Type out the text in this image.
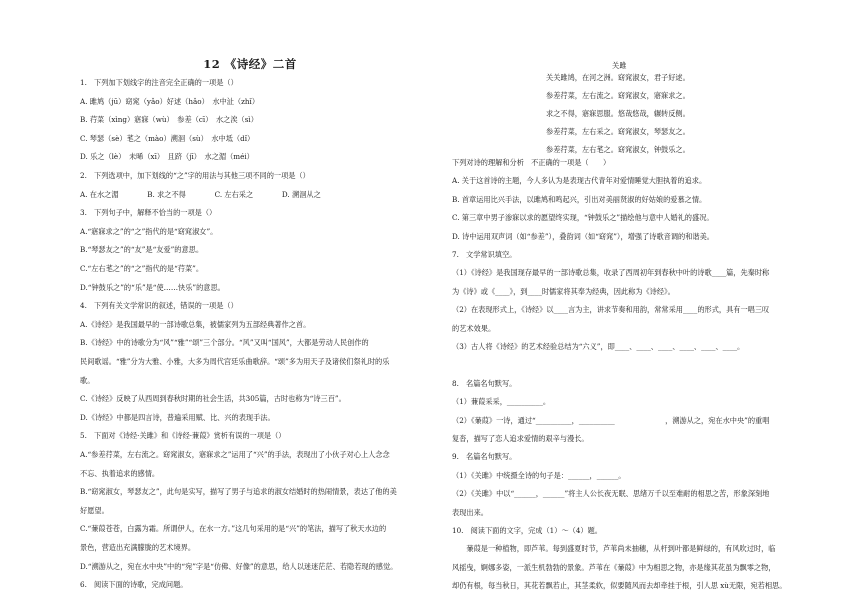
12 《诗经》二首
1.　下列加下划线字的注音完全正确的一项是（）
A. 雎鸠（jū）窈窕（yǎo）好逑（hǎo）　水中沚（zhǐ）
B. 荇菜（xìng）寤寐（wù）　参差（cī）　水之涘（sì）
C. 琴瑟（sè）芼之（mào）溯洄（sù）　水中坻（dǐ）
D. 乐之（lè）　未晞（xī）　且跻（jī）　水之湄（méi）
2.　下列选项中，加下划线的“之”字的用法与其他三项不同的一项是（）
A. 在水之湄　　　　B. 求之不得　　　　C. 左右采之　　　　D. 溯洄从之
3.　下列句子中，解释不恰当的一项是（）
A.“寤寐求之”的“之”指代的是“窈窕淑女”。
B.“琴瑟友之”的“友”是“友爱”的意思。
C.“左右芼之”的“之”指代的是“荇菜”。
D.“钟鼓乐之”的“乐”是“使……快乐”的意思。
4.　下列有关文学常识的叙述，错误的一项是（）
A.《诗经》是我国最早的一部诗歌总集，被儒家列为五部经典著作之首。
B.《诗经》中的诗歌分为“风”“雅”“颂”三个部分。“风”又叫“国风”，大都是劳动人民创作的
民间歌谣。“雅”分为大雅、小雅，大多为周代宫廷乐曲歌辞。“颂”多为用天子及诸侯们祭礼时的乐
歌。
C.《诗经》反映了从西周到春秋时期的社会生活，共305篇，古时也称为“诗三百”。
D.《诗经》中都是四言诗，普遍采用赋、比、兴的表现手法。
5.　下面对《诗经·关雎》和《诗经·蒹葭》赏析有误的一项是（）
A.“参差荇菜，左右流之。窈窕淑女，寤寐求之”运用了“兴”的手法，表现出了小伙子对心上人念念
不忘、执着追求的感情。
B.“窈窕淑女，琴瑟友之”，此句是实写，描写了男子与追求的淑女结婚时的热闹情景，表达了他的美
好愿望。
C.“蒹葭苍苍，白露为霜。所谓伊人，在水一方。”这几句采用的是“兴”的笔法，描写了秋天水边的
景色，营造出充满朦胧的艺术境界。
D.“溯游从之，宛在水中央”中的“宛”字是“仿佛、好像”的意思，给人以迷迷茫茫、若隐若现的感觉。
6.　阅读下面的诗歌，完成问题。
关雎
关关雎鸠，在河之洲。窈窕淑女，君子好逑。
参差荇菜，左右流之。窈窕淑女，寤寐求之。
求之不得，寤寐思服。悠哉悠哉，辗转反侧。
参差荇菜，左右采之。窈窕淑女，琴瑟友之。
参差荇菜，左右芼之。窈窕淑女，钟鼓乐之。
下列对诗的理解和分析　不正确的一项是（　　）
A. 关于这首诗的主题，今人多认为是表现古代青年对爱情睡觉大胆执着的追求。
B. 首章运用比兴手法，以雎鸠和鸣起兴，引出对美丽贤淑的好姑娘的爱慕之情。
C. 第三章中男子渗寐以求的愿望终实现，“钟鼓乐之”描绘他与意中人婚礼的盛况。
D. 诗中运用双声词（如“参差”），叠韵词（如“窈窕”），增强了诗歌音调的和谐美。
7.　文学常识填空。
（1）《诗经》是我国现存最早的一部诗歌总集，收录了西周初年到春秋中叶的诗歌____篇，先秦时称
为《诗》或《____》，到____时儒家将其奉为经典，因此称为《诗经》。
（2）在表现形式上，《诗经》以____言为主，讲求节奏和用韵，常常采用____的形式，具有一唱三叹
的艺术效果。
（3）古人将《诗经》的艺术经验总结为“六义”，即____、____、____、____、____、____。
8.　名篇名句默写。
（1）蒹葭采采，__________。
（2）《蒹葭》一诗，通过“__________，__________　　　　　　　，溯游从之，宛在水中央”的重唱
复沓，描写了恋人追求爱情的艰辛与漫长。
9.　名篇名句默写。
（1）《关雎》中统摄全诗的句子是：______，______。
（2）《关雎》中以“______，______”将主人公长夜无眠、思绪万千以至难耐的相思之苦，形象深刻地
表现出来。
10.　阅读下面的文字，完成（1）～（4）题。
　　蒹葭是一种植物，即芦苇。每到盛夏时节，芦苇尚未抽穗，从杆到叶都是鲜绿的，有风吹过时，临
风摇曳，婀娜多姿，一派生机勃勃的景象。芦苇在《蒹葭》中为相思之物，亦是缘其花虽为飘零之物，
却仍有根，每当秋日，其花若飘若止，其茎柔软，似要随风而去却牵挂于根，引人思 xù无限，宛若相思。
